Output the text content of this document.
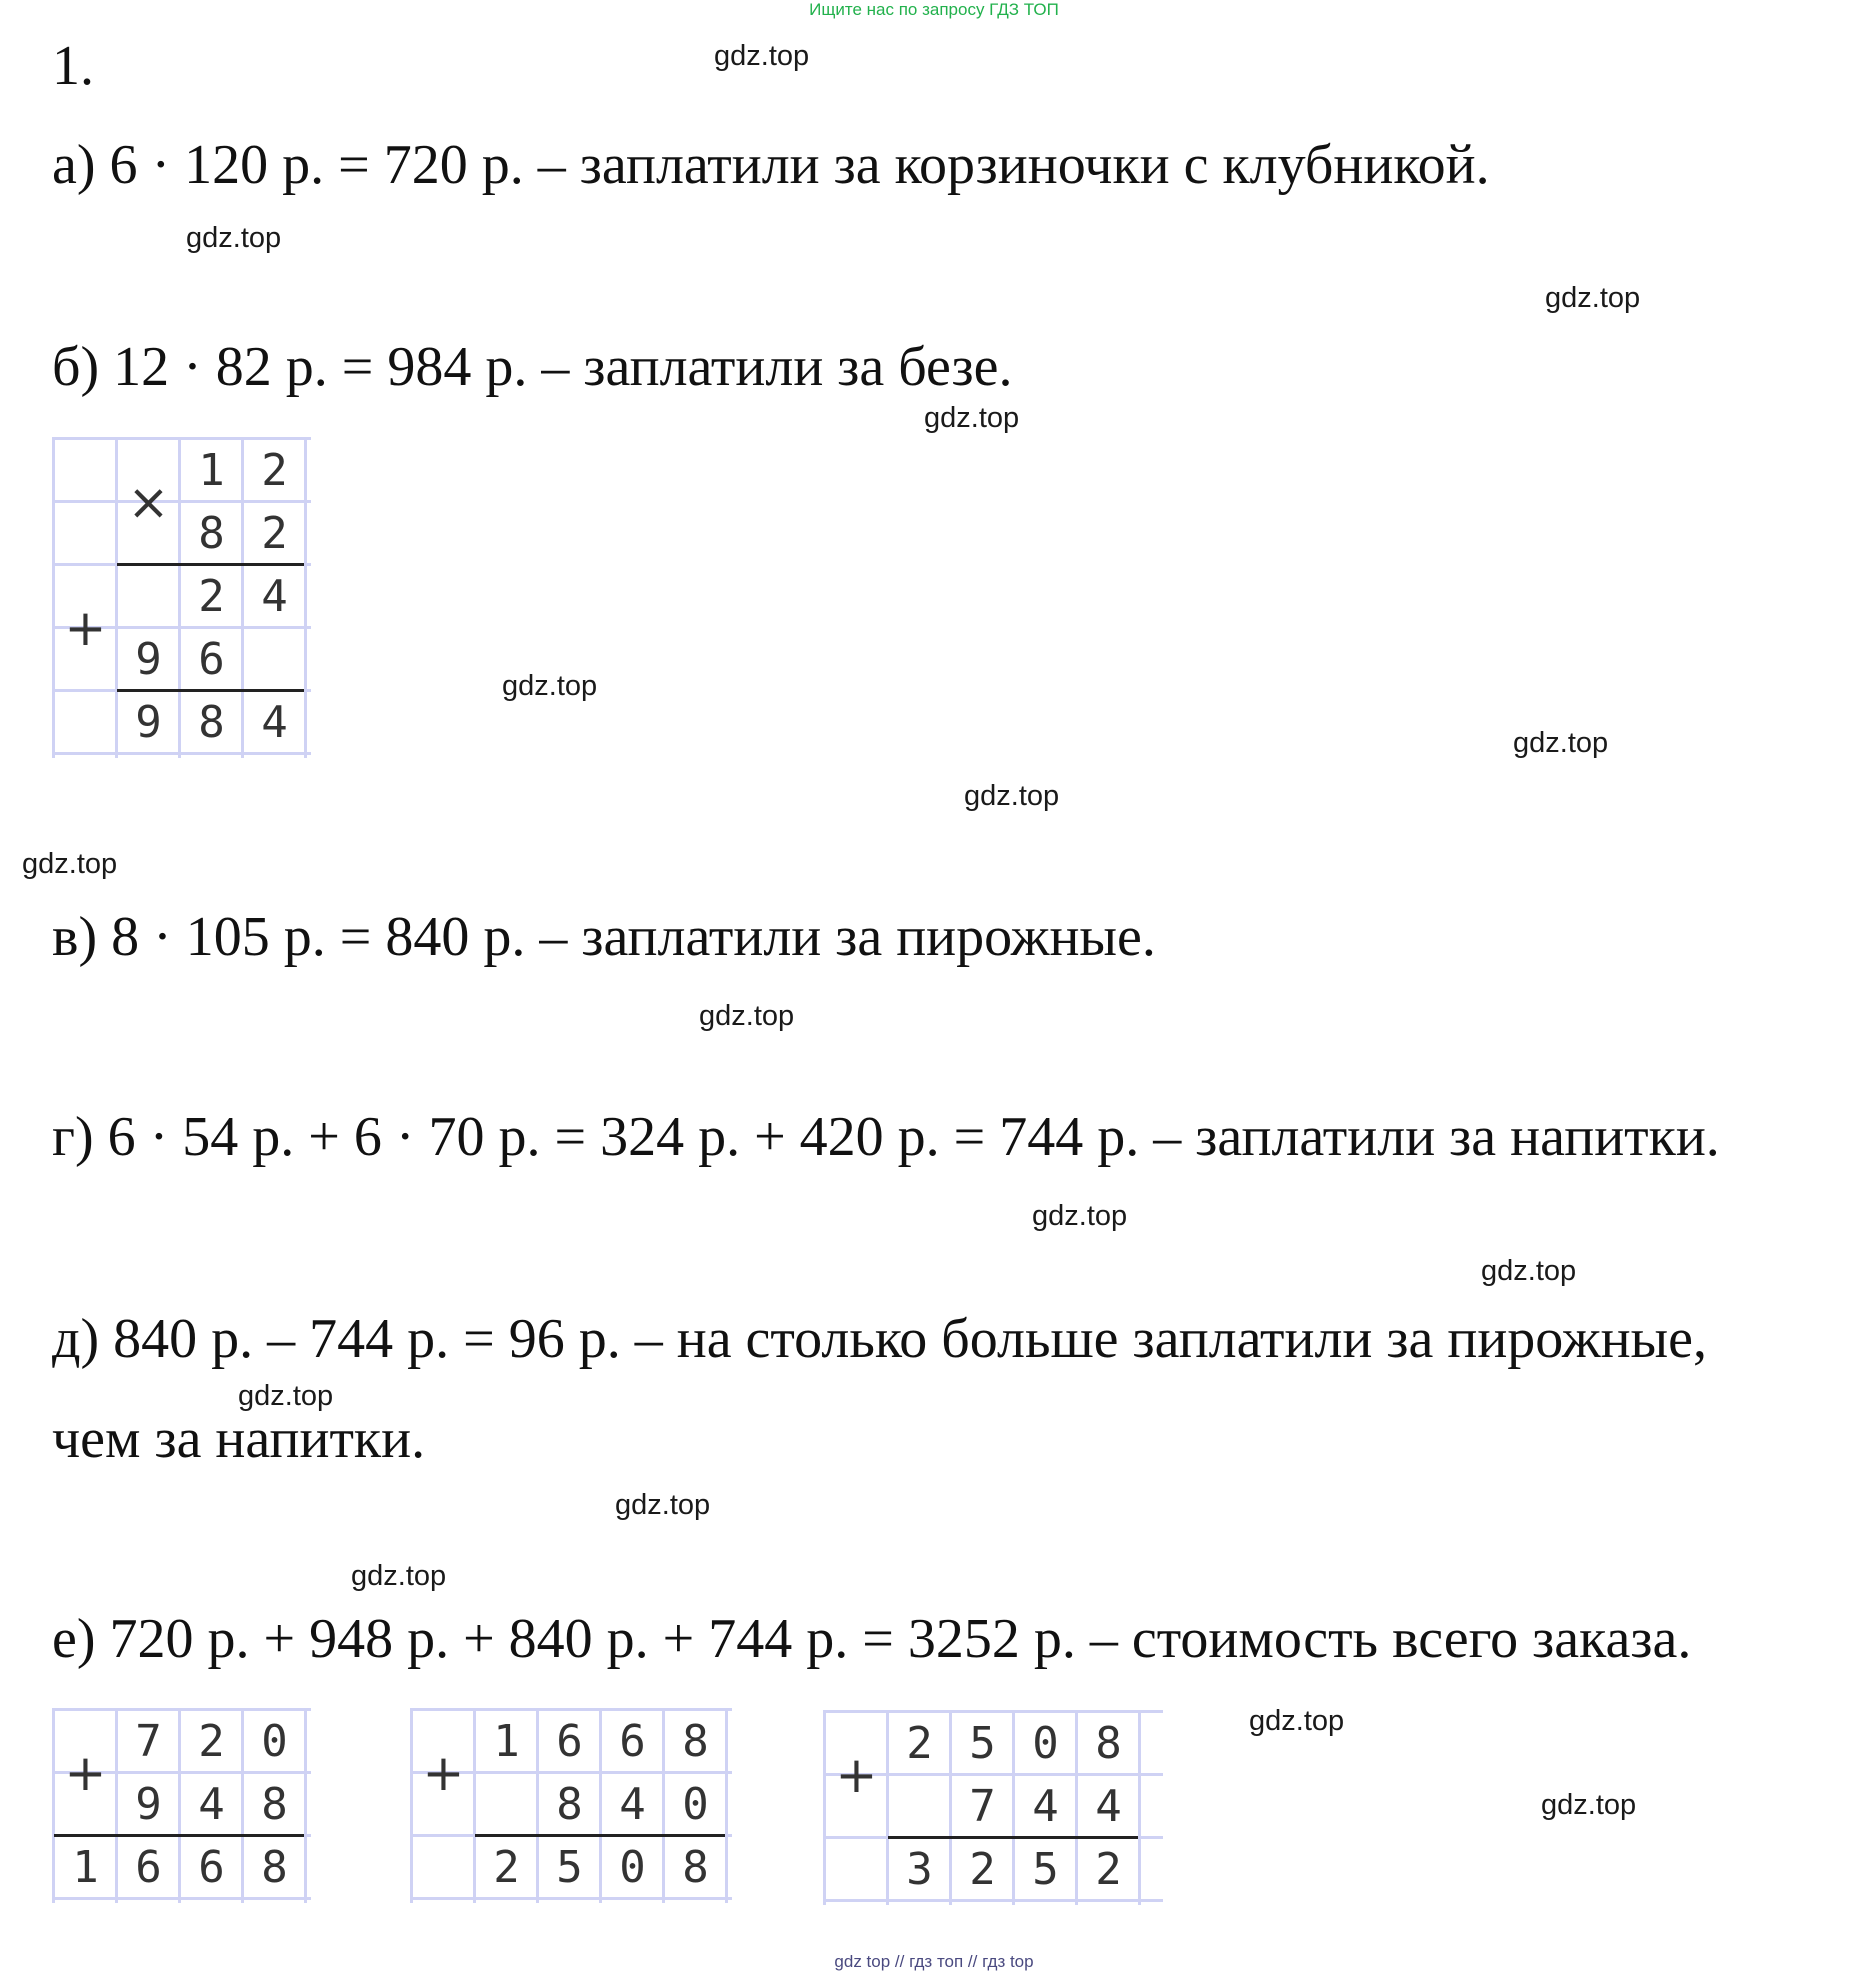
Ищите нас по запросу ГДЗ ТОП
1.
а) 6 · 120 р. = 720 р. – заплатили за корзиночки с клубникой.
б) 12 · 82 р. = 984 р. – заплатили за безе.
в) 8 · 105 р. = 840 р. – заплатили за пирожные.
г) 6 · 54 р. + 6 · 70 р. = 324 р. + 420 р. = 744 р. – заплатили за напитки.
д) 840 р. – 744 р. = 96 р. – на столько больше заплатили за пирожные,
чем за напитки.
е) 720 р. + 948 р. + 840 р. + 744 р. = 3252 р. – стоимость всего заказа.
1 2
8 2
2 4
9 6
9 8 4
×
+
7 2 0
9 4 8
1 6 6 8
+
1 6 6 8
8 4 0
2 5 0 8
+
2 5 0 8
7 4 4
3 2 5 2
+
gdz.top
gdz.top
gdz.top
gdz.top
gdz.top
gdz.top
gdz.top
gdz.top
gdz.top
gdz.top
gdz.top
gdz.top
gdz.top
gdz.top
gdz.top
gdz.top
gdz top // гдз топ // гдз top
